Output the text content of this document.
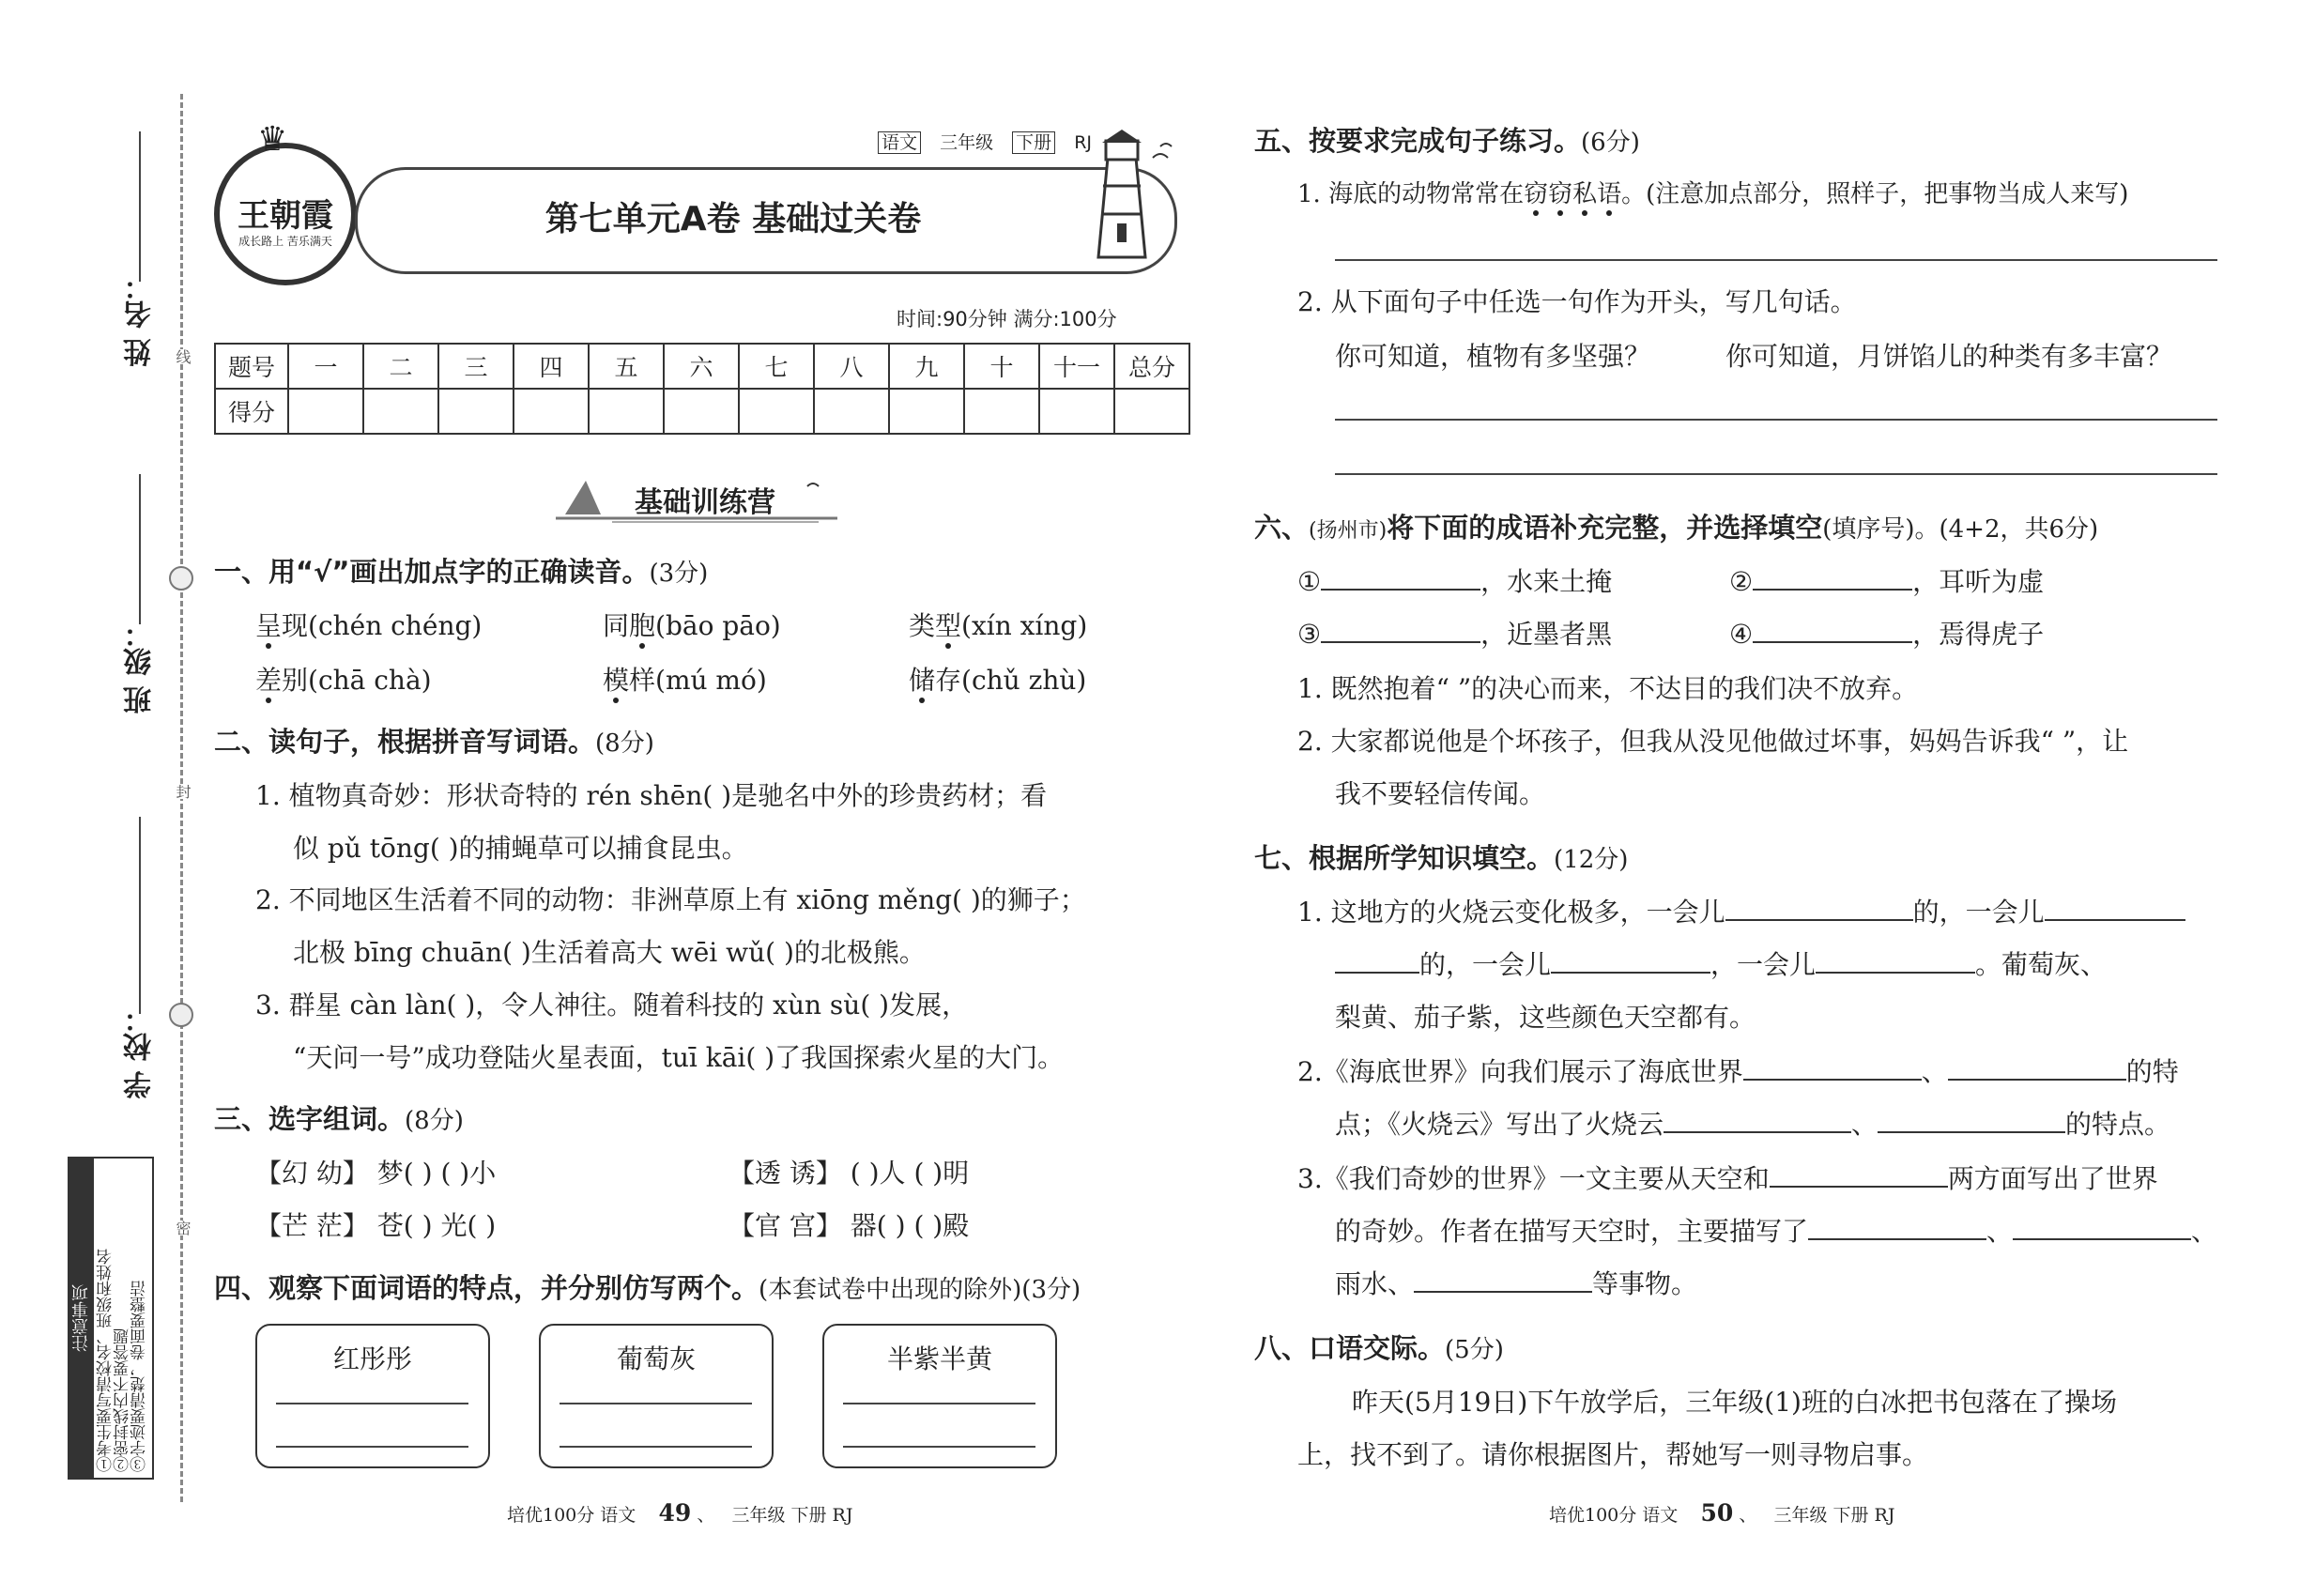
姓 名：
班 级：
学 校：
线
封
密
注意事项 ①考生要写清校名、班级和姓名
②密封线内不要答题
③字迹要清楚，卷面要整洁
♛
王朝霞
成长路上 苦乐满天
语文 三年级 下册 RJ
第七单元A卷 基础过关卷
时间:90分钟 满分:100分
题号	一	二	三	四	五	六	七	八	九	十	十一	总分
得分												
基础训练营
一、用“√”画出加点字的正确读音。(3分)
呈现(chén chéng)	同胞(bāo pāo)	类型(xín xíng)
差别(chā chà)	模样(mú mó)	储存(chǔ zhù)
二、读句子，根据拼音写词语。(8分)
1. 植物真奇妙：形状奇特的 rén shēn( )是驰名中外的珍贵药材；看
似 pǔ tōng( )的捕蝇草可以捕食昆虫。
2. 不同地区生活着不同的动物：非洲草原上有 xiōng měng( )的狮子；
北极 bīng chuān( )生活着高大 wēi wǔ( )的北极熊。
3. 群星 càn làn( )，令人神往。随着科技的 xùn sù( )发展，
“天问一号”成功登陆火星表面，tuī kāi( )了我国探索火星的大门。
三、选字组词。(8分)
【幻 幼】 梦( ) ( )小	【透 诱】 ( )人 ( )明
【芒 茫】 苍( ) 光( )	【官 宫】 器( ) ( )殿
四、观察下面词语的特点，并分别仿写两个。(本套试卷中出现的除外)(3分)
红彤彤	葡萄灰	半紫半黄
培优100分 语文 49 、   三年级 下册 RJ
五、按要求完成句子练习。(6分)
1. 海底的动物常常在窃窃私语。(注意加点部分，照样子，把事物当成人来写)
2. 从下面句子中任选一句作为开头，写几句话。
你可知道，植物有多坚强？	你可知道，月饼馅儿的种类有多丰富？
六、(扬州市)将下面的成语补充完整，并选择填空(填序号)。(4+2，共6分)
①	，水来土掩	②	，耳听为虚
③	，近墨者黑	④	，焉得虎子
1. 既然抱着“ ”的决心而来，不达目的我们决不放弃。
2. 大家都说他是个坏孩子，但我从没见他做过坏事，妈妈告诉我“ ”，让
我不要轻信传闻。
七、根据所学知识填空。(12分)
1. 这地方的火烧云变化极多，一会儿	的，一会儿
的，一会儿	，一会儿	。葡萄灰、
梨黄、茄子紫，这些颜色天空都有。
2.《海底世界》向我们展示了海底世界	、	的特
点；《火烧云》写出了火烧云	、	的特点。
3.《我们奇妙的世界》一文主要从天空和	两方面写出了世界
的奇妙。作者在描写天空时，主要描写了	、	、
雨水、	等事物。
八、口语交际。(5分)
昨天(5月19日)下午放学后，三年级(1)班的白冰把书包落在了操场
上，找不到了。请你根据图片，帮她写一则寻物启事。
培优100分 语文 50 、   三年级 下册 RJ
